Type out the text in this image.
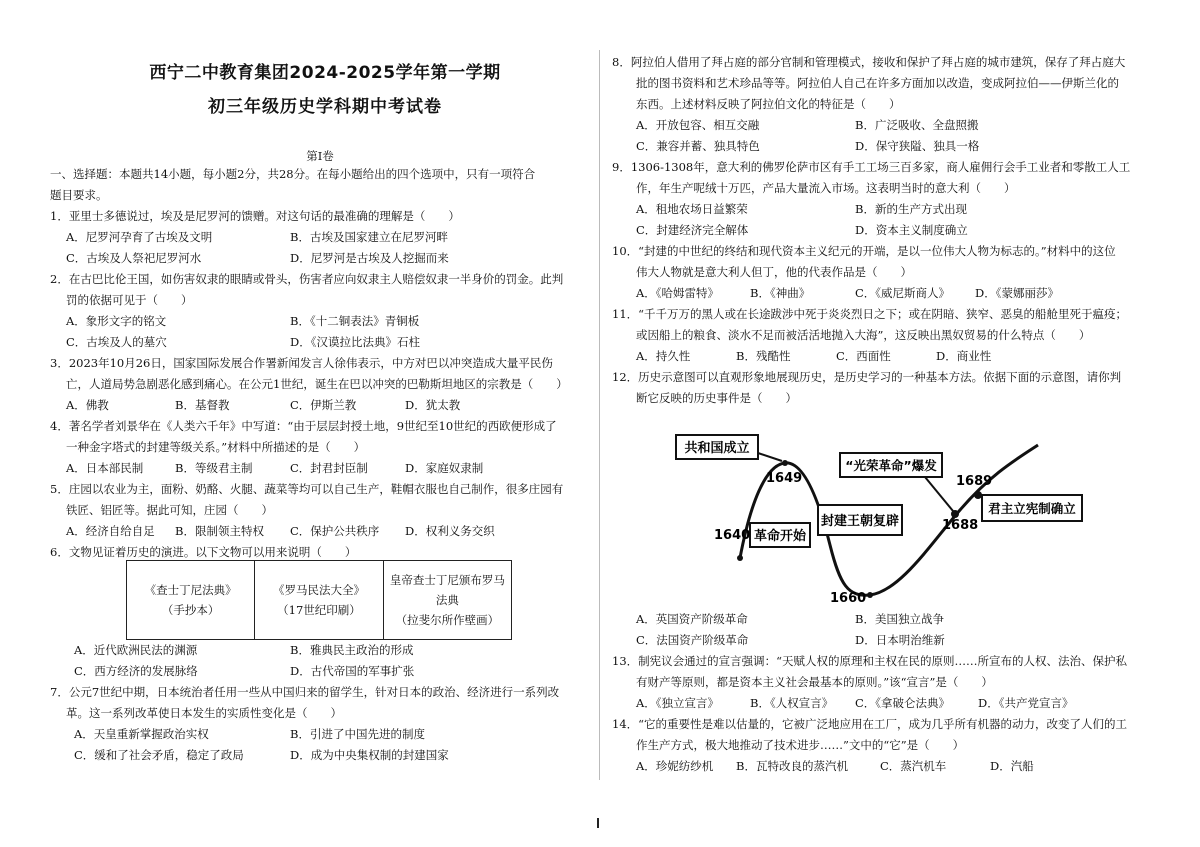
西宁二中教育集团2024-2025学年第一学期
初三年级历史学科期中考试卷
第Ⅰ卷
一、选择题：本题共14小题，每小题2分，共28分。在每小题给出的四个选项中，只有一项符合
题目要求。
1．亚里士多德说过，埃及是尼罗河的馈赠。对这句话的最准确的理解是（　　）
A．尼罗河孕育了古埃及文明	B．古埃及国家建立在尼罗河畔
C．古埃及人祭祀尼罗河水	D．尼罗河是古埃及人挖掘而来
2．在古巴比伦王国，如伤害奴隶的眼睛或骨头，伤害者应向奴隶主人赔偿奴隶一半身价的罚金。此判
罚的依据可见于（　　）
A．象形文字的铭文	B．《十二铜表法》青铜板
C．古埃及人的墓穴	D．《汉谟拉比法典》石柱
3．2023年10月26日，国家国际发展合作署新闻发言人徐伟表示，中方对巴以冲突造成大量平民伤
亡，人道局势急剧恶化感到痛心。在公元1世纪，诞生在巴以冲突的巴勒斯坦地区的宗教是（　　）
A．佛教	B．基督教	C．伊斯兰教	D．犹太教
4．著名学者刘景华在《人类六千年》中写道：“由于层层封授土地，9世纪至10世纪的西欧便形成了
一种金字塔式的封建等级关系。”材料中所描述的是（　　）
A．日本部民制	B．等级君主制	C．封君封臣制	D．家庭奴隶制
5．庄园以农业为主，面粉、奶酪、火腿、蔬菜等均可以自己生产，鞋帽衣服也自己制作，很多庄园有
铁匠、铝匠等。据此可知，庄园（　　）
A．经济自给自足 B．限制领主特权 C．保护公共秩序 D．权利义务交织
6．文物见证着历史的演进。以下文物可以用来说明（　　）
《查士丁尼法典》
（手抄本）

《罗马民法大全》
（17世纪印刷）

皇帝查士丁尼颁布罗马法典
（拉斐尔所作壁画）
A．近代欧洲民法的渊源	B．雅典民主政治的形成
C．西方经济的发展脉络	D．古代帝国的军事扩张
7．公元7世纪中期，日本统治者任用一些从中国归来的留学生，针对日本的政治、经济进行一系列改
革。这一系列改革使日本发生的实质性变化是（　　）
A．天皇重新掌握政治实权	B．引进了中国先进的制度
C．缓和了社会矛盾，稳定了政局	D．成为中央集权制的封建国家
8．阿拉伯人借用了拜占庭的部分官制和管理模式，接收和保护了拜占庭的城市建筑，保存了拜占庭大
批的图书资料和艺术珍品等等。阿拉伯人自己在许多方面加以改造，变成阿拉伯——伊斯兰化的
东西。上述材料反映了阿拉伯文化的特征是（　　）
A．开放包容、相互交融	B．广泛吸收、全盘照搬
C．兼容并蓄、独具特色	D．保守狭隘、独具一格
9．1306-1308年，意大利的佛罗伦萨市区有手工工场三百多家，商人雇佣行会手工业者和零散工人工
作，年生产呢绒十万匹，产品大量流入市场。这表明当时的意大利（　　）
A．租地农场日益繁荣	B．新的生产方式出现
C．封建经济完全解体	D．资本主义制度确立
10．“封建的中世纪的终结和现代资本主义纪元的开端，是以一位伟大人物为标志的。”材料中的这位
伟大人物就是意大利人但丁，他的代表作品是（　　）
A．《哈姆雷特》	B．《神曲》	C．《威尼斯商人》 D．《蒙娜丽莎》
11．“千千万万的黑人或在长途跋涉中死于炎炎烈日之下；或在阴暗、狭窄、恶臭的船舱里死于瘟疫；
或因船上的粮食、淡水不足而被活活地抛入大海”，这反映出黑奴贸易的什么特点（　　）
A．持久性	B．残酷性	C．西面性	D．商业性
12．历史示意图可以直观形象地展现历史，是历史学习的一种基本方法。依据下面的示意图，请你判
断它反映的历史事件是（　　）
共和国成立
革命开始
封建王朝复辟
“光荣革命”爆发
君主立宪制确立
1640
1649
1660
1688
1689
A．英国资产阶级革命	B．美国独立战争
C．法国资产阶级革命	D．日本明治维新
13．制宪议会通过的宣言强调：“天赋人权的原理和主权在民的原则……所宣布的人权、法治、保护私
有财产等原则，都是资本主义社会最基本的原则。”该“宣言”是（　　）
A．《独立宣言》	B．《人权宣言》 C．《拿破仑法典》 D．《共产党宣言》
14．“它的重要性是难以估量的，它被广泛地应用在工厂，成为几乎所有机器的动力，改变了人们的工
作生产方式，极大地推动了技术进步……”文中的“它”是（　　）
A．珍妮纺纱机 B．瓦特改良的蒸汽机	C．蒸汽机车	D．汽船
